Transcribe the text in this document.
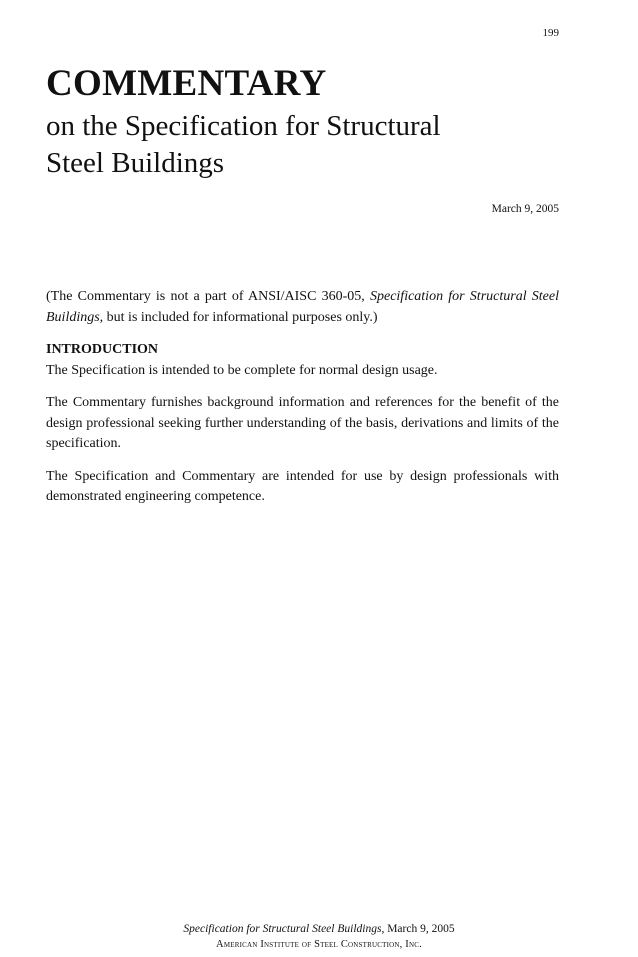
199
COMMENTARY
on the Specification for Structural
Steel Buildings
March 9, 2005

(The Commentary is not a part of ANSI/AISC 360-05, Specification for Structural Steel Buildings, but is included for informational purposes only.)

INTRODUCTION

The Specification is intended to be complete for normal design usage.

The Commentary furnishes background information and references for the benefit of the design professional seeking further understanding of the basis, derivations and limits of the specification.

The Specification and Commentary are intended for use by design professionals with demonstrated engineering competence.

Specification for Structural Steel Buildings, March 9, 2005
American Institute of Steel Construction, Inc.
